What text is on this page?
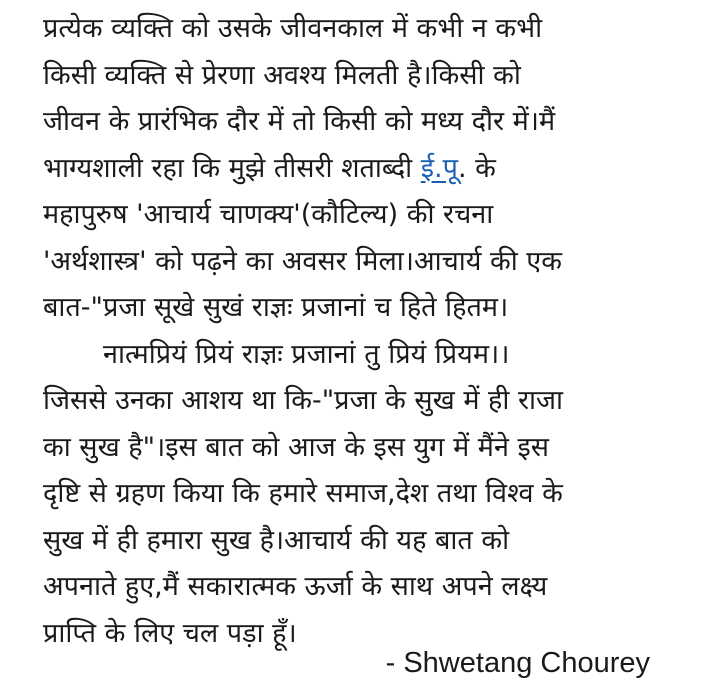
प्रत्येक व्यक्ति को उसके जीवनकाल में कभी न कभी
किसी व्यक्ति से प्रेरणा अवश्य मिलती है।किसी को
जीवन के प्रारंभिक दौर में तो किसी को मध्य दौर में।मैं
भाग्यशाली रहा कि मुझे तीसरी शताब्दी ई.पू. के
महापुरुष 'आचार्य चाणक्य'(कौटिल्य) की रचना
'अर्थशास्त्र' को पढ़ने का अवसर मिला।आचार्य की एक
बात-"प्रजा सूखे सुखं राज्ञः प्रजानां च हिते हितम।
नात्मप्रियं प्रियं राज्ञः प्रजानां तु प्रियं प्रियम।।
जिससे उनका आशय था कि-"प्रजा के सुख में ही राजा
का सुख है"।इस बात को आज के इस युग में मैंने इस
दृष्टि से ग्रहण किया कि हमारे समाज,देश तथा विश्व के
सुख में ही हमारा सुख है।आचार्य की यह बात को
अपनाते हुए,मैं सकारात्मक ऊर्जा के साथ अपने लक्ष्य
प्राप्ति के लिए चल पड़ा हूँ।
- Shwetang Chourey
